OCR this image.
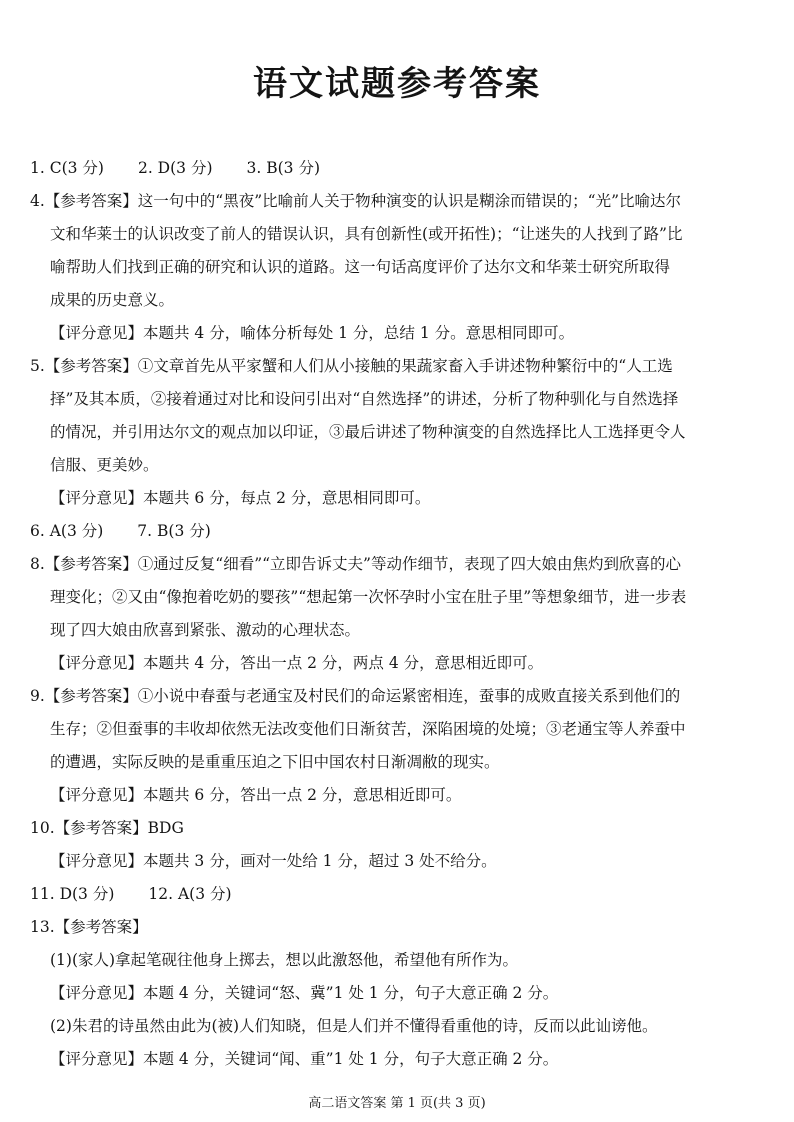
语文试题参考答案
1. C(3 分) 2. D(3 分) 3. B(3 分)
4.【参考答案】这一句中的“黑夜”比喻前人关于物种演变的认识是糊涂而错误的；“光”比喻达尔
文和华莱士的认识改变了前人的错误认识，具有创新性(或开拓性)；“让迷失的人找到了路”比
喻帮助人们找到正确的研究和认识的道路。这一句话高度评价了达尔文和华莱士研究所取得
成果的历史意义。
【评分意见】本题共 4 分，喻体分析每处 1 分，总结 1 分。意思相同即可。
5.【参考答案】①文章首先从平家蟹和人们从小接触的果蔬家畜入手讲述物种繁衍中的“人工选
择”及其本质，②接着通过对比和设问引出对“自然选择”的讲述，分析了物种驯化与自然选择
的情况，并引用达尔文的观点加以印证，③最后讲述了物种演变的自然选择比人工选择更令人
信服、更美妙。
【评分意见】本题共 6 分，每点 2 分，意思相同即可。
6. A(3 分) 7. B(3 分)
8.【参考答案】①通过反复“细看”“立即告诉丈夫”等动作细节，表现了四大娘由焦灼到欣喜的心
理变化；②又由“像抱着吃奶的婴孩”“想起第一次怀孕时小宝在肚子里”等想象细节，进一步表
现了四大娘由欣喜到紧张、激动的心理状态。
【评分意见】本题共 4 分，答出一点 2 分，两点 4 分，意思相近即可。
9.【参考答案】①小说中春蚕与老通宝及村民们的命运紧密相连，蚕事的成败直接关系到他们的
生存；②但蚕事的丰收却依然无法改变他们日渐贫苦，深陷困境的处境；③老通宝等人养蚕中
的遭遇，实际反映的是重重压迫之下旧中国农村日渐凋敝的现实。
【评分意见】本题共 6 分，答出一点 2 分，意思相近即可。
10.【参考答案】BDG
【评分意见】本题共 3 分，画对一处给 1 分，超过 3 处不给分。
11. D(3 分) 12. A(3 分)
13.【参考答案】
(1)(家人)拿起笔砚往他身上掷去，想以此激怒他，希望他有所作为。
【评分意见】本题 4 分，关键词“怒、冀”1 处 1 分，句子大意正确 2 分。
(2)朱君的诗虽然由此为(被)人们知晓，但是人们并不懂得看重他的诗，反而以此讪谤他。
【评分意见】本题 4 分，关键词“闻、重”1 处 1 分，句子大意正确 2 分。
高二语文答案 第 1 页(共 3 页)
